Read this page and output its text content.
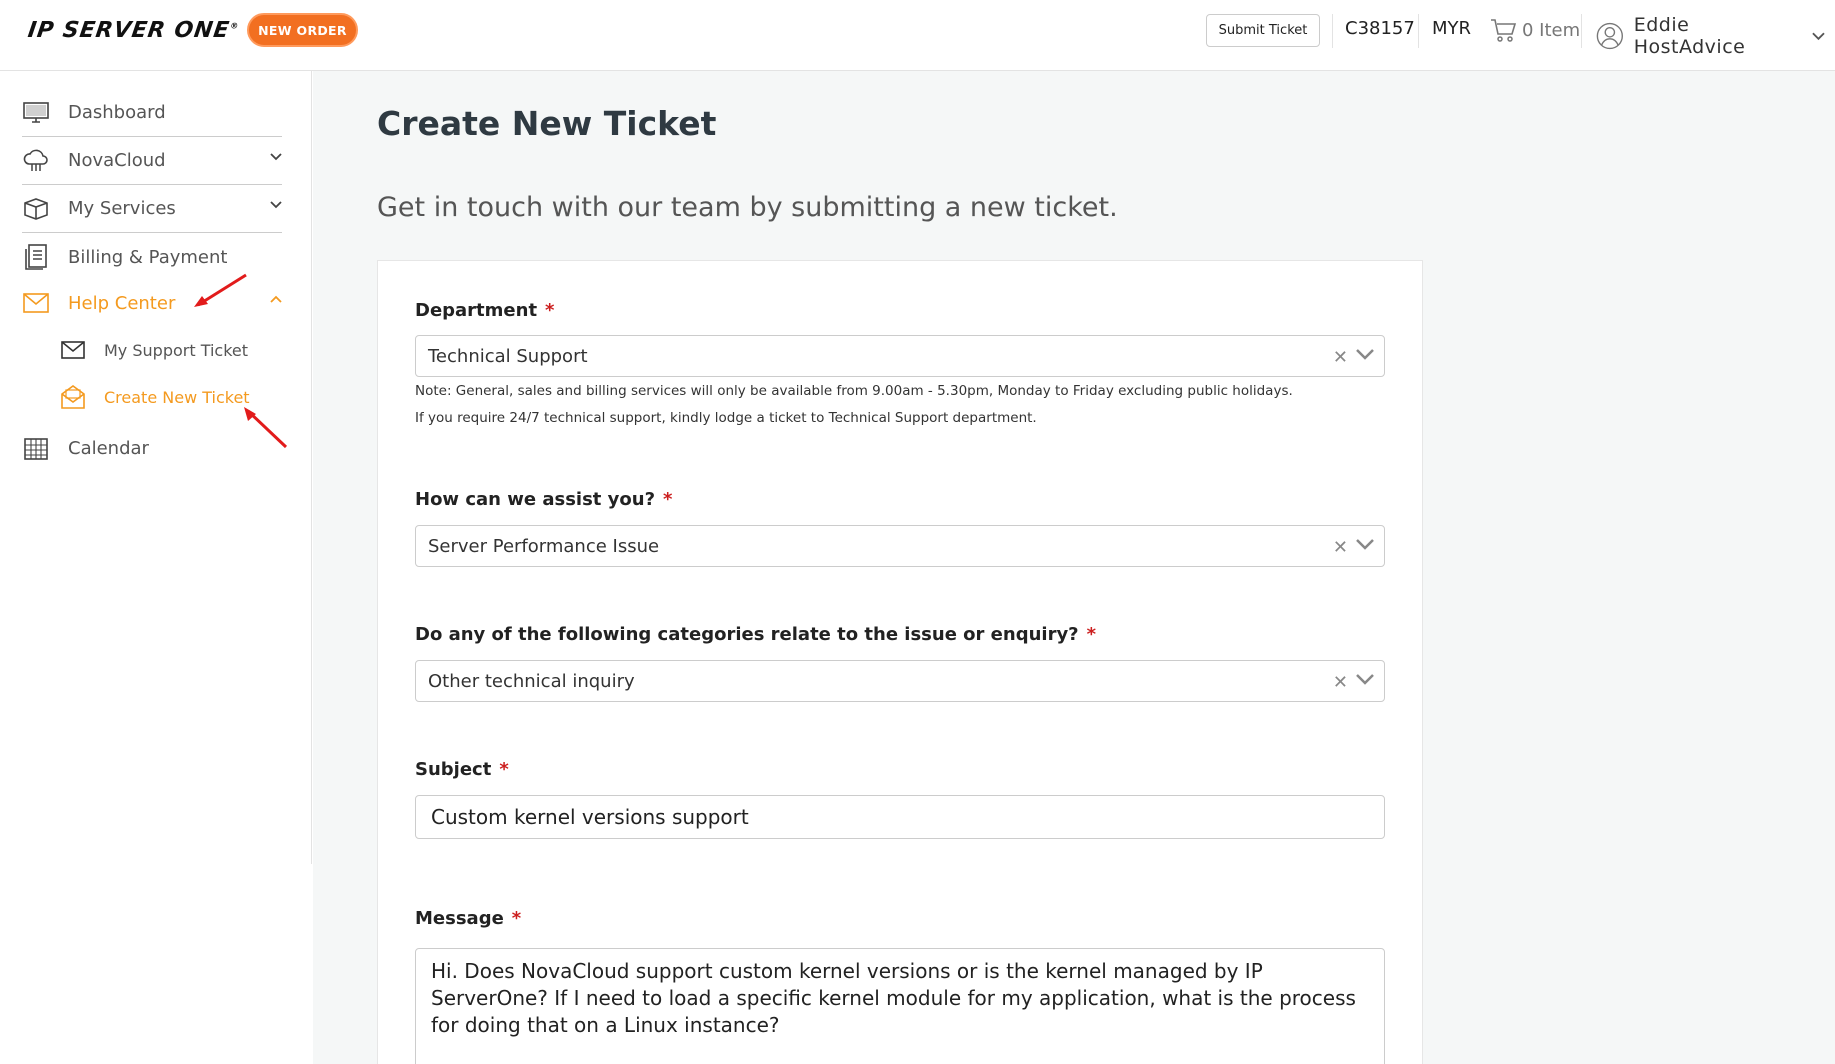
IP SERVER ONE®	NEW ORDER	Submit Ticket	C38157 MYR	0 Item	Eddie HostAdvice
Dashboard
NovaCloud
My Services
Billing & Payment
Help Center
My Support Ticket
Create New Ticket
Calendar
Create New Ticket
Get in touch with our team by submitting a new ticket.
Department *
Technical Support	✕
Note: General, sales and billing services will only be available from 9.00am - 5.30pm, Monday to Friday excluding public holidays.
If you require 24/7 technical support, kindly lodge a ticket to Technical Support department.
How can we assist you? *
Server Performance Issue	✕
Do any of the following categories relate to the issue or enquiry? *
Other technical inquiry	✕
Subject *
Custom kernel versions support
Message *
Hi. Does NovaCloud support custom kernel versions or is the kernel managed by IP ServerOne? If I need to load a specific kernel module for my application, what is the process for doing that on a Linux instance?
